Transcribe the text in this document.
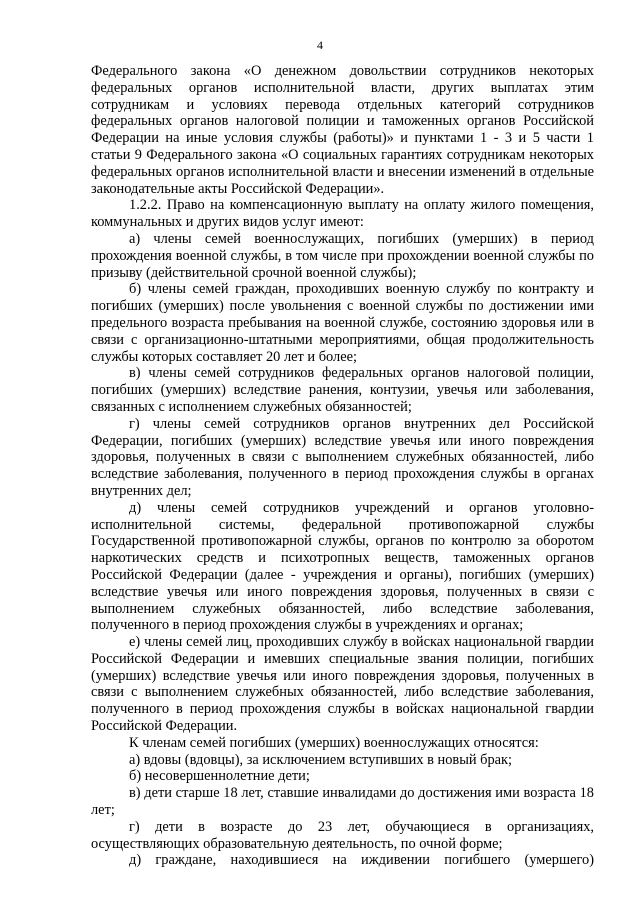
4

Федерального закона «О денежном довольствии сотрудников некоторых федеральных органов исполнительной власти, других выплатах этим сотрудникам и условиях перевода отдельных категорий сотрудников федеральных органов налоговой полиции и таможенных органов Российской Федерации на иные условия службы (работы)» и пунктами 1 - 3 и 5 части 1 статьи 9 Федерального закона «О социальных гарантиях сотрудникам некоторых федеральных органов исполнительной власти и внесении изменений в отдельные законодательные акты Российской Федерации».

1.2.2. Право на компенсационную выплату на оплату жилого помещения, коммунальных и других видов услуг имеют:

а) члены семей военнослужащих, погибших (умерших) в период прохождения военной службы, в том числе при прохождении военной службы по призыву (действительной срочной военной службы);

б) члены семей граждан, проходивших военную службу по контракту и погибших (умерших) после увольнения с военной службы по достижении ими предельного возраста пребывания на военной службе, состоянию здоровья или в связи с организационно-штатными мероприятиями, общая продолжительность службы которых составляет 20 лет и более;

в) члены семей сотрудников федеральных органов налоговой полиции, погибших (умерших) вследствие ранения, контузии, увечья или заболевания, связанных с исполнением служебных обязанностей;

г) члены семей сотрудников органов внутренних дел Российской Федерации, погибших (умерших) вследствие увечья или иного повреждения здоровья, полученных в связи с выполнением служебных обязанностей, либо вследствие заболевания, полученного в период прохождения службы в органах внутренних дел;

д) члены семей сотрудников учреждений и органов уголовно-исполнительной системы, федеральной противопожарной службы Государственной противопожарной службы, органов по контролю за оборотом наркотических средств и психотропных веществ, таможенных органов Российской Федерации (далее - учреждения и органы), погибших (умерших) вследствие увечья или иного повреждения здоровья, полученных в связи с выполнением служебных обязанностей, либо вследствие заболевания, полученного в период прохождения службы в учреждениях и органах;

е) члены семей лиц, проходивших службу в войсках национальной гвардии Российской Федерации и имевших специальные звания полиции, погибших (умерших) вследствие увечья или иного повреждения здоровья, полученных в связи с выполнением служебных обязанностей, либо вследствие заболевания, полученного в период прохождения службы в войсках национальной гвардии Российской Федерации.

К членам семей погибших (умерших) военнослужащих относятся:

а) вдовы (вдовцы), за исключением вступивших в новый брак;

б) несовершеннолетние дети;

в) дети старше 18 лет, ставшие инвалидами до достижения ими возраста 18 лет;

г) дети в возрасте до 23 лет, обучающиеся в организациях, осуществляющих образовательную деятельность, по очной форме;

д) граждане, находившиеся на иждивении погибшего (умершего)
